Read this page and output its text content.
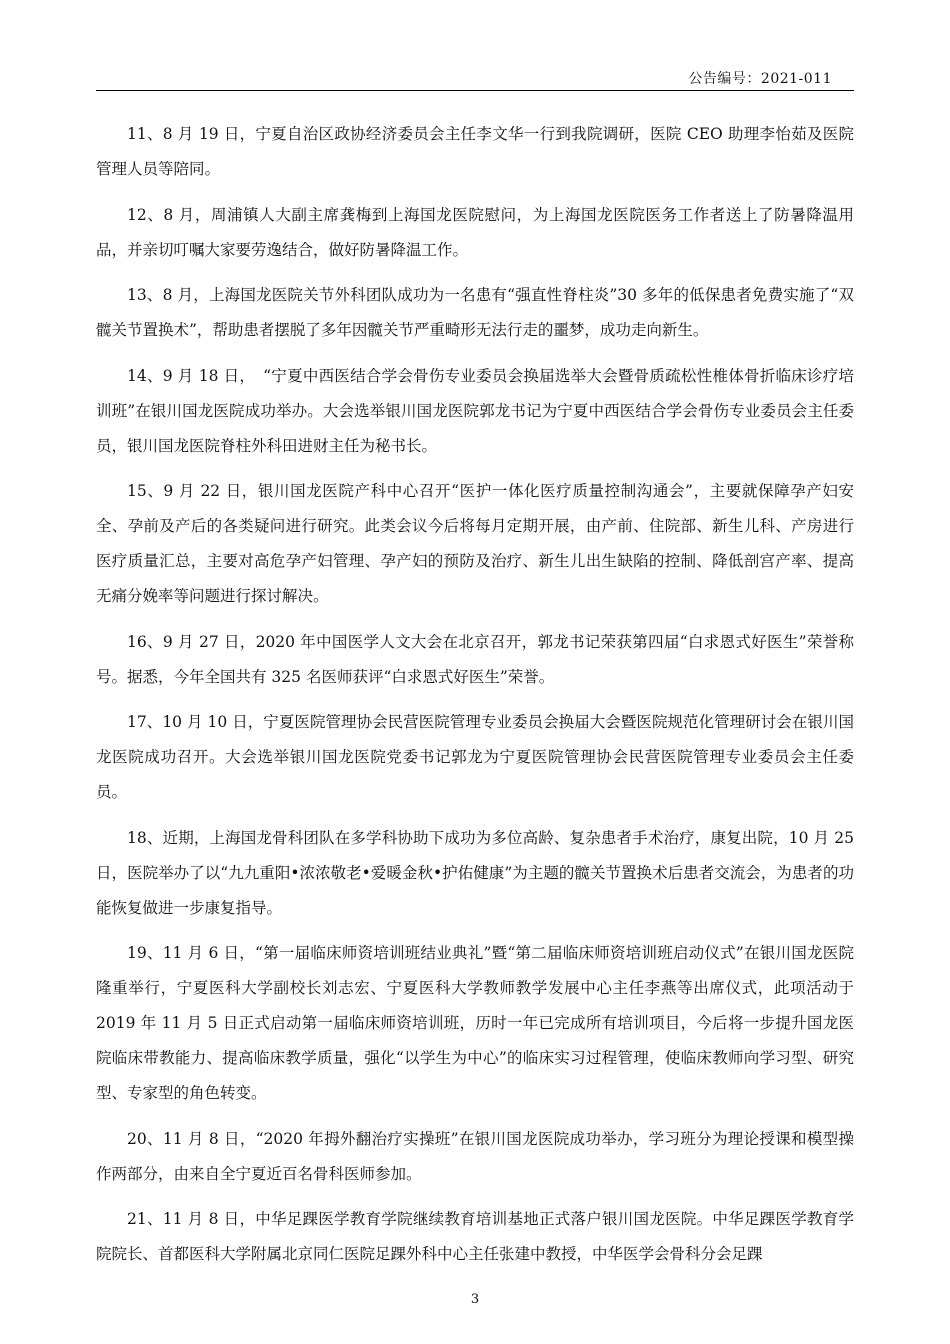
公告编号：2021-011

11、8 月 19 日，宁夏自治区政协经济委员会主任李文华一行到我院调研，医院 CEO 助理李怡茹及医院管理人员等陪同。

12、8 月，周浦镇人大副主席龚梅到上海国龙医院慰问，为上海国龙医院医务工作者送上了防暑降温用品，并亲切叮嘱大家要劳逸结合，做好防暑降温工作。

13、8 月，上海国龙医院关节外科团队成功为一名患有“强直性脊柱炎”30 多年的低保患者免费实施了“双髋关节置换术”，帮助患者摆脱了多年因髋关节严重畸形无法行走的噩梦，成功走向新生。

14、9 月 18 日，　“宁夏中西医结合学会骨伤专业委员会换届选举大会暨骨质疏松性椎体骨折临床诊疗培训班”在银川国龙医院成功举办。大会选举银川国龙医院郭龙书记为宁夏中西医结合学会骨伤专业委员会主任委员，银川国龙医院脊柱外科田进财主任为秘书长。

15、9 月 22 日，银川国龙医院产科中心召开“医护一体化医疗质量控制沟通会”，主要就保障孕产妇安全、孕前及产后的各类疑问进行研究。此类会议今后将每月定期开展，由产前、住院部、新生儿科、产房进行医疗质量汇总，主要对高危孕产妇管理、孕产妇的预防及治疗、新生儿出生缺陷的控制、降低剖宫产率、提高无痛分娩率等问题进行探讨解决。

16、9 月 27 日，2020 年中国医学人文大会在北京召开，郭龙书记荣获第四届“白求恩式好医生”荣誉称号。据悉，今年全国共有 325 名医师获评“白求恩式好医生”荣誉。

17、10 月 10 日，宁夏医院管理协会民营医院管理专业委员会换届大会暨医院规范化管理研讨会在银川国龙医院成功召开。大会选举银川国龙医院党委书记郭龙为宁夏医院管理协会民营医院管理专业委员会主任委员。

18、近期，上海国龙骨科团队在多学科协助下成功为多位高龄、复杂患者手术治疗，康复出院，10 月 25 日，医院举办了以“九九重阳•浓浓敬老•爱暖金秋•护佑健康”为主题的髋关节置换术后患者交流会，为患者的功能恢复做进一步康复指导。

19、11 月 6 日，“第一届临床师资培训班结业典礼”暨“第二届临床师资培训班启动仪式”在银川国龙医院隆重举行，宁夏医科大学副校长刘志宏、宁夏医科大学教师教学发展中心主任李燕等出席仪式，此项活动于 2019 年 11 月 5 日正式启动第一届临床师资培训班，历时一年已完成所有培训项目，今后将一步提升国龙医院临床带教能力、提高临床教学质量，强化“以学生为中心”的临床实习过程管理，使临床教师向学习型、研究型、专家型的角色转变。

20、11 月 8 日，“2020 年拇外翻治疗实操班”在银川国龙医院成功举办，学习班分为理论授课和模型操作两部分，由来自全宁夏近百名骨科医师参加。

21、11 月 8 日，中华足踝医学教育学院继续教育培训基地正式落户银川国龙医院。中华足踝医学教育学院院长、首都医科大学附属北京同仁医院足踝外科中心主任张建中教授，中华医学会骨科分会足踝

3
